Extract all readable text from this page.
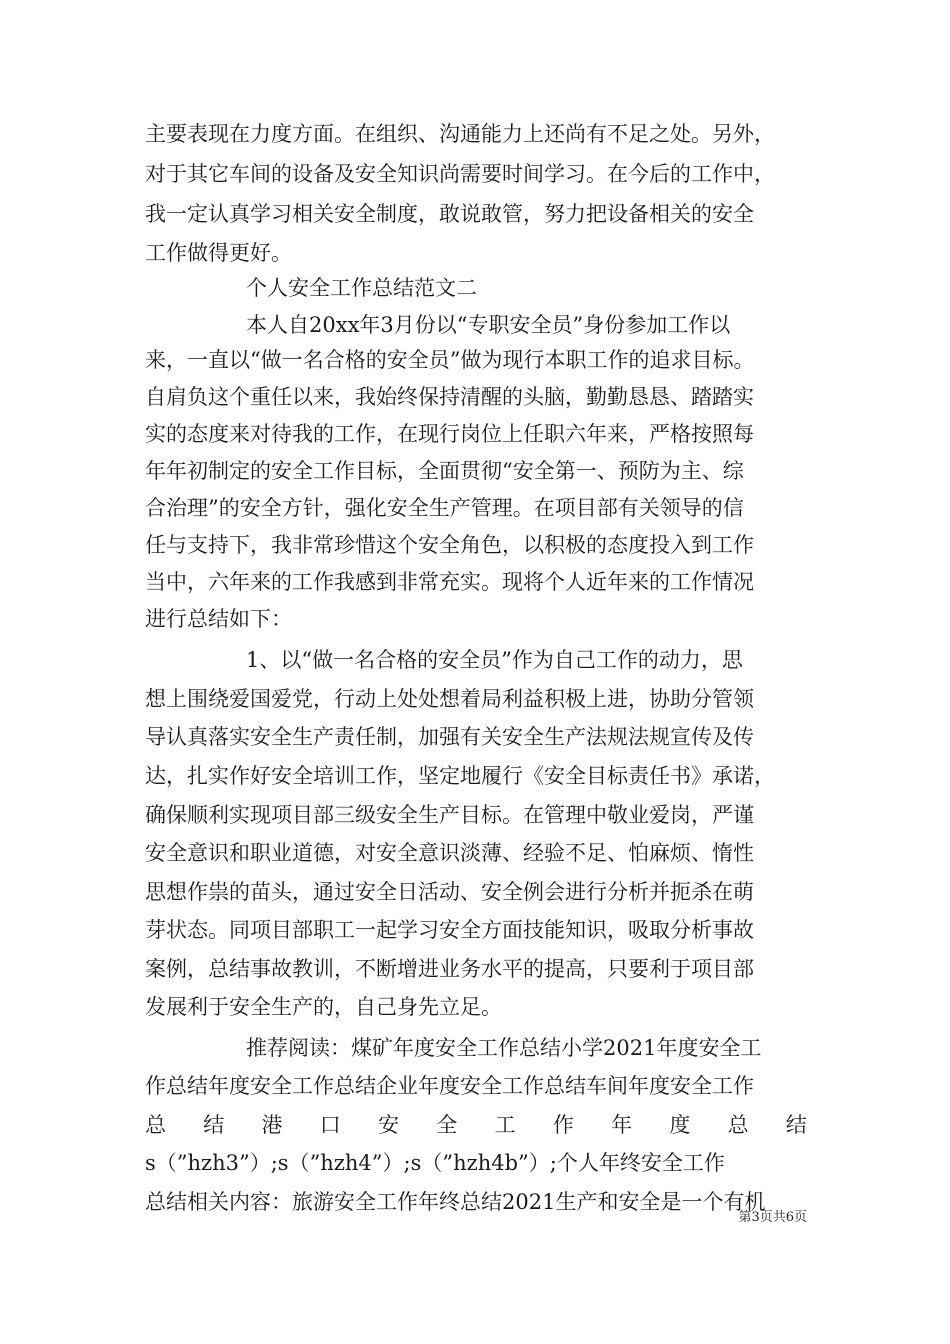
主要表现在力度方面。在组织、沟通能力上还尚有不足之处。另外，
对于其它车间的设备及安全知识尚需要时间学习。在今后的工作中，
我一定认真学习相关安全制度，敢说敢管，努力把设备相关的安全
工作做得更好。
个人安全工作总结范文二
本人自20xx年3月份以“专职安全员”身份参加工作以
来，一直以“做一名合格的安全员”做为现行本职工作的追求目标。
自肩负这个重任以来，我始终保持清醒的头脑，勤勤恳恳、踏踏实
实的态度来对待我的工作，在现行岗位上任职六年来，严格按照每
年年初制定的安全工作目标，全面贯彻“安全第一、预防为主、综
合治理”的安全方针，强化安全生产管理。在项目部有关领导的信
任与支持下，我非常珍惜这个安全角色，以积极的态度投入到工作
当中，六年来的工作我感到非常充实。现将个人近年来的工作情况
进行总结如下：
1、以“做一名合格的安全员”作为自己工作的动力，思
想上围绕爱国爱党，行动上处处想着局利益积极上进，协助分管领
导认真落实安全生产责任制，加强有关安全生产法规法规宣传及传
达，扎实作好安全培训工作，坚定地履行《安全目标责任书》承诺，
确保顺利实现项目部三级安全生产目标。在管理中敬业爱岗，严谨
安全意识和职业道德，对安全意识淡薄、经验不足、怕麻烦、惰性
思想作祟的苗头，通过安全日活动、安全例会进行分析并扼杀在萌
芽状态。同项目部职工一起学习安全方面技能知识，吸取分析事故
案例，总结事故教训，不断增进业务水平的提高，只要利于项目部
发展利于安全生产的，自己身先立足。
推荐阅读：煤矿年度安全工作总结小学2021年度安全工
作总结年度安全工作总结企业年度安全工作总结车间年度安全工作
总 结 港 口 安 全 工 作 年 度 总 结
s（”hzh3”）;s（”hzh4”）;s（”hzh4b”）;个人年终安全工作
总结相关内容：旅游安全工作年终总结2021生产和安全是一个有机
第3页共6页
